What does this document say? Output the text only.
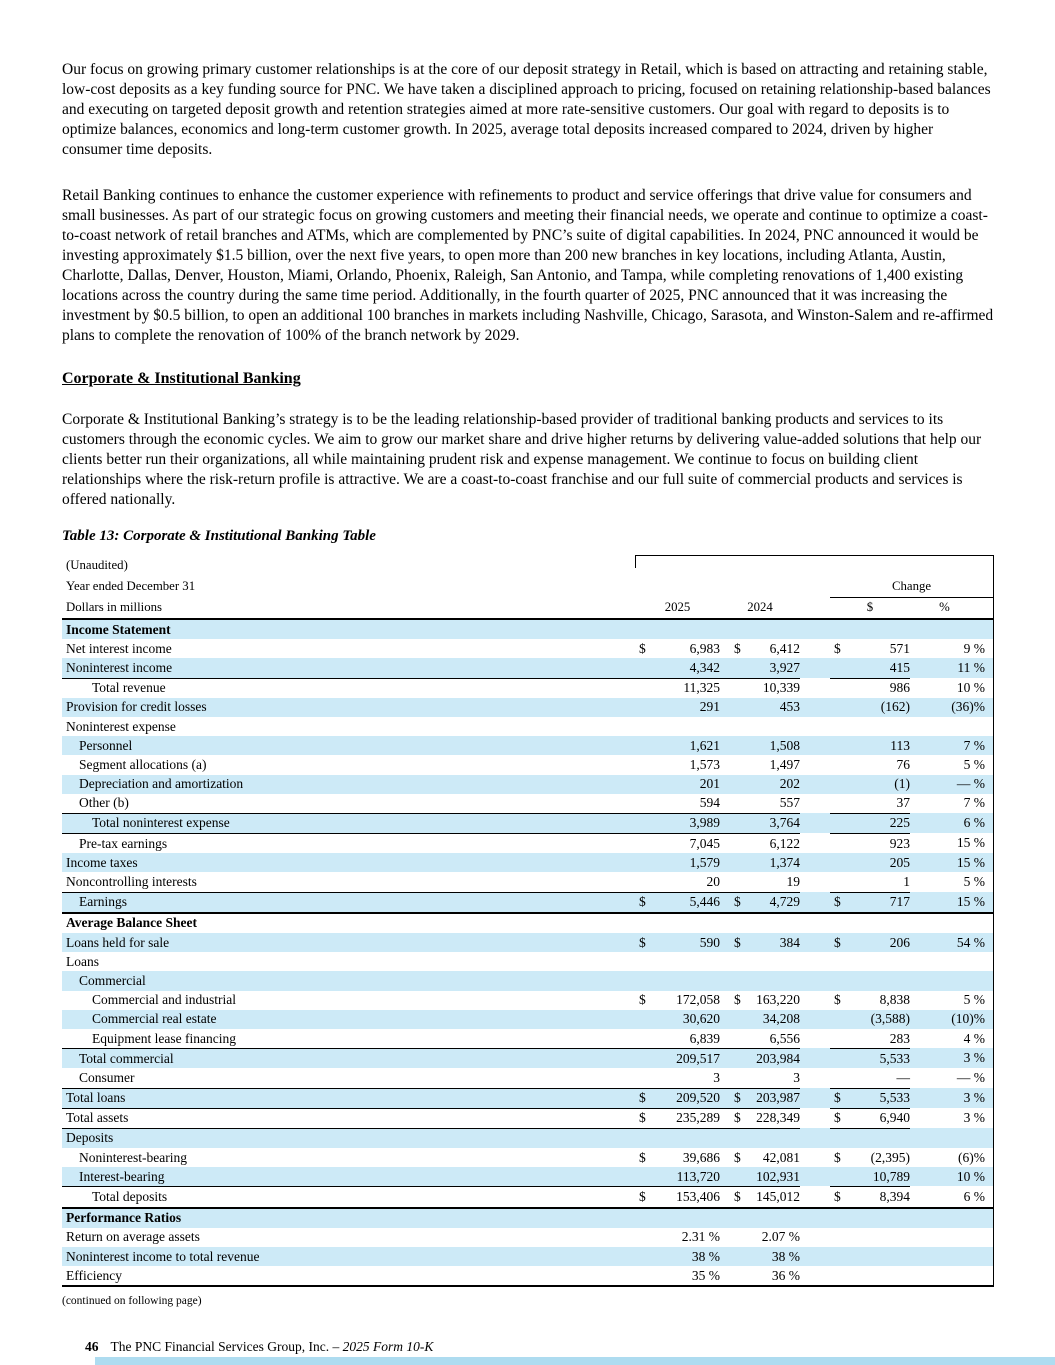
Our focus on growing primary customer relationships is at the core of our deposit strategy in Retail, which is based on attracting and retaining stable, low-cost deposits as a key funding source for PNC. We have taken a disciplined approach to pricing, focused on retaining relationship-based balances and executing on targeted deposit growth and retention strategies aimed at more rate-sensitive customers. Our goal with regard to deposits is to optimize balances, economics and long-term customer growth. In 2025, average total deposits increased compared to 2024, driven by higher consumer time deposits.

Retail Banking continues to enhance the customer experience with refinements to product and service offerings that drive value for consumers and small businesses. As part of our strategic focus on growing customers and meeting their financial needs, we operate and continue to optimize a coast-to-coast network of retail branches and ATMs, which are complemented by PNC’s suite of digital capabilities. In 2024, PNC announced it would be investing approximately $1.5 billion, over the next five years, to open more than 200 new branches in key locations, including Atlanta, Austin, Charlotte, Dallas, Denver, Houston, Miami, Orlando, Phoenix, Raleigh, San Antonio, and Tampa, while completing renovations of 1,400 existing locations across the country during the same time period. Additionally, in the fourth quarter of 2025, PNC announced that it was increasing the investment by $0.5 billion, to open an additional 100 branches in markets including Nashville, Chicago, Sarasota, and Winston-Salem and re-affirmed plans to complete the renovation of 100% of the branch network by 2029.

Corporate & Institutional Banking

Corporate & Institutional Banking’s strategy is to be the leading relationship-based provider of traditional banking products and services to its customers through the economic cycles. We aim to grow our market share and drive higher returns by delivering value-added solutions that help our clients better run their organizations, all while maintaining prudent risk and expense management. We continue to focus on building client relationships where the risk-return profile is attractive. We are a coast-to-coast franchise and our full suite of commercial products and services is offered nationally.

Table 13: Corporate & Institutional Banking Table

(Unaudited)
Year ended December 31	Change
Dollars in millions	2025	2024	$	%
Income Statement
Net interest income	$	6,983 $ 6,412	$	571	9 %
Noninterest income	4,342	3,927	415	11 %
Total revenue	11,325	10,339	986	10 %
Provision for credit losses	291	453	(162)	(36)%
Noninterest expense
Personnel	1,621	1,508	113	7 %
Segment allocations (a)	1,573	1,497	76	5 %
Depreciation and amortization	201	202	(1)	— %
Other (b)	594	557	37	7 %
Total noninterest expense	3,989	3,764	225	6 %
Pre-tax earnings	7,045	6,122	923	15 %
Income taxes	1,579	1,374	205	15 %
Noncontrolling interests	20	19	1	5 %
Earnings	$	5,446 $ 4,729	$	717	15 %
Average Balance Sheet
Loans held for sale	$	590 $	384	$	206	54 %
Loans
Commercial
Commercial and industrial	$ 172,058 $ 163,220	$	8,838	5 %
Commercial real estate	30,620	34,208	(3,588)	(10)%
Equipment lease financing	6,839	6,556	283	4 %
Total commercial	209,517	203,984	5,533	3 %
Consumer	3	3	—	— %
Total loans	$ 209,520 $ 203,987	$	5,533	3 %
Total assets	$ 235,289 $ 228,349	$	6,940	3 %
Deposits
Noninterest-bearing	$	39,686 $ 42,081	$ (2,395)	(6)%
Interest-bearing	113,720	102,931	10,789	10 %
Total deposits	$ 153,406 $ 145,012	$	8,394	6 %
Performance Ratios
Return on average assets	2.31 %	2.07 %
Noninterest income to total revenue	38 %	38 %
Efficiency	35 %	36 %

(continued on following page)

46 The PNC Financial Services Group, Inc. – 2025 Form 10-K
